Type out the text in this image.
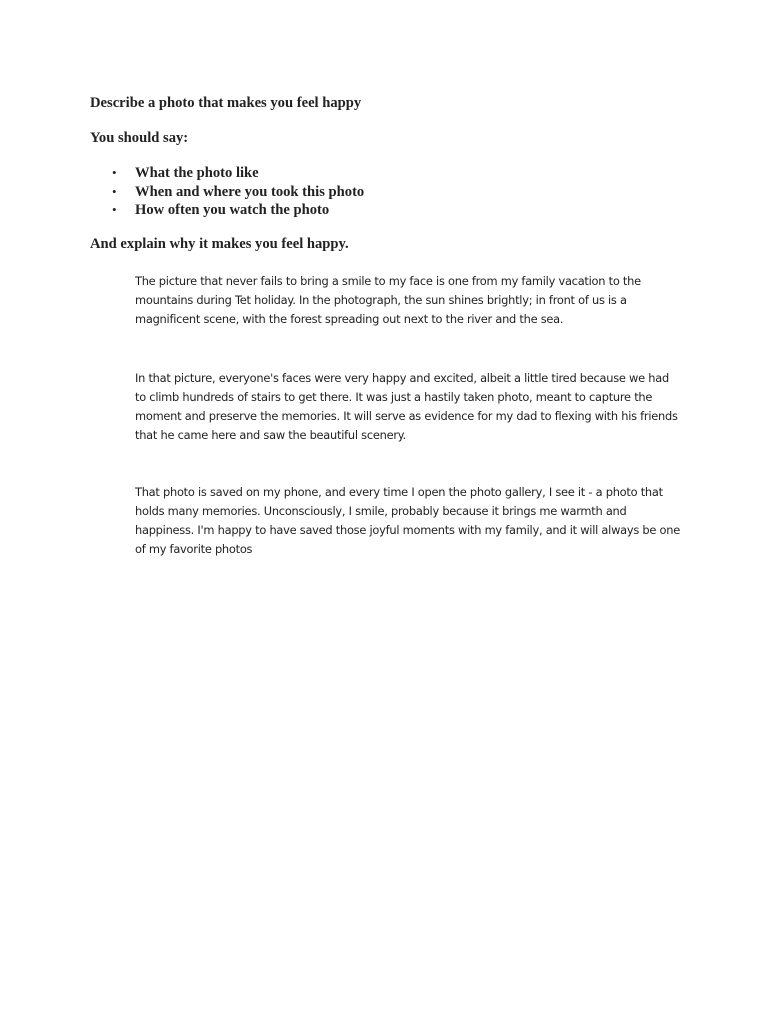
Describe a photo that makes you feel happy

You should say:

• What the photo like
• When and where you took this photo
• How often you watch the photo

And explain why it makes you feel happy.

The picture that never fails to bring a smile to my face is one from my family vacation to the mountains during Tet holiday. In the photograph, the sun shines brightly; in front of us is a magnificent scene, with the forest spreading out next to the river and the sea.

In that picture, everyone's faces were very happy and excited, albeit a little tired because we had to climb hundreds of stairs to get there. It was just a hastily taken photo, meant to capture the moment and preserve the memories. It will serve as evidence for my dad to flexing with his friends that he came here and saw the beautiful scenery.

That photo is saved on my phone, and every time I open the photo gallery, I see it - a photo that holds many memories. Unconsciously, I smile, probably because it brings me warmth and happiness. I'm happy to have saved those joyful moments with my family, and it will always be one of my favorite photos
